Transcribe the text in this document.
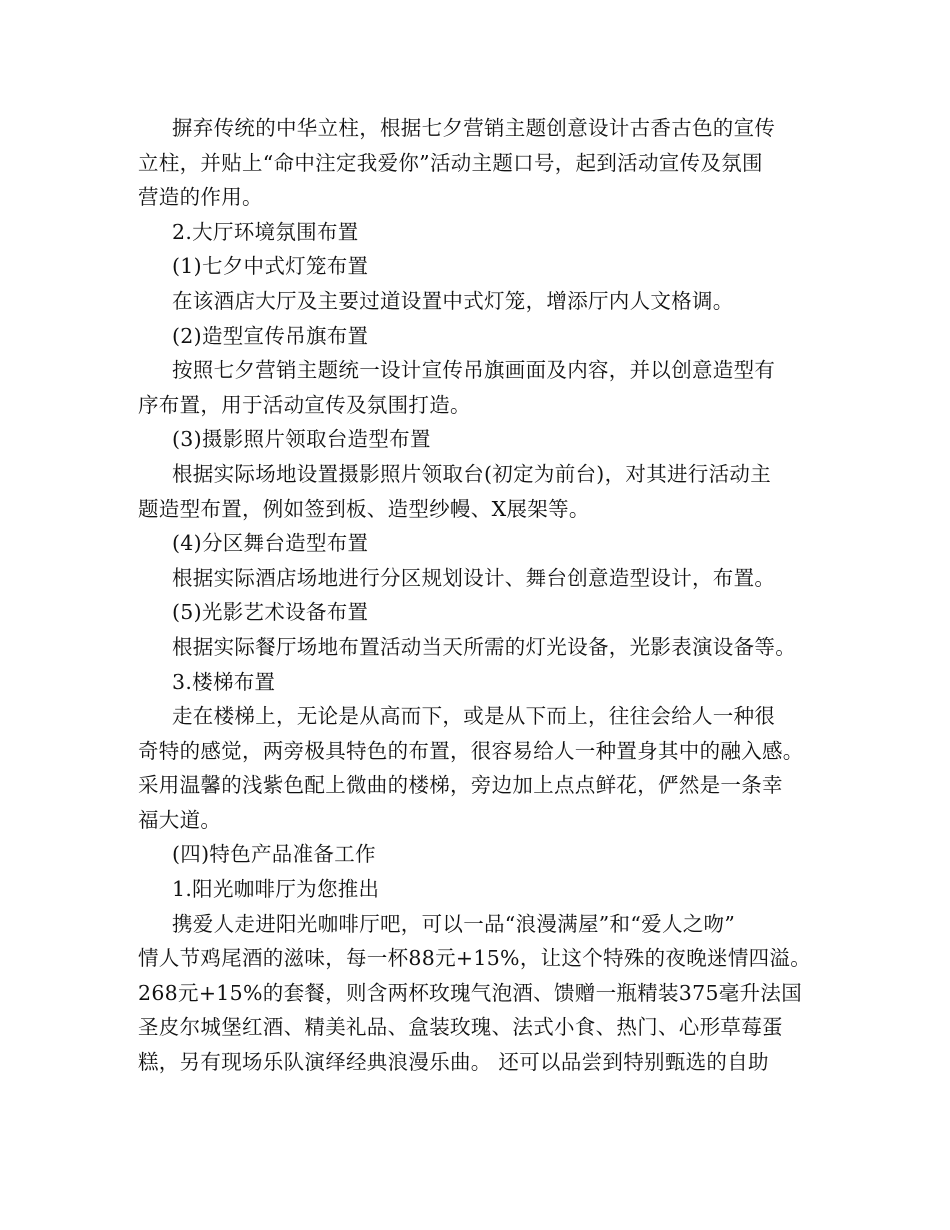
摒弃传统的中华立柱，根据七夕营销主题创意设计古香古色的宣传

立柱，并贴上“命中注定我爱你”活动主题口号，起到活动宣传及氛围

营造的作用。

2.大厅环境氛围布置

(1)七夕中式灯笼布置

在该酒店大厅及主要过道设置中式灯笼，增添厅内人文格调。

(2)造型宣传吊旗布置

按照七夕营销主题统一设计宣传吊旗画面及内容，并以创意造型有

序布置，用于活动宣传及氛围打造。

(3)摄影照片领取台造型布置

根据实际场地设置摄影照片领取台(初定为前台)，对其进行活动主

题造型布置，例如签到板、造型纱幔、X展架等。

(4)分区舞台造型布置

根据实际酒店场地进行分区规划设计、舞台创意造型设计，布置。

(5)光影艺术设备布置

根据实际餐厅场地布置活动当天所需的灯光设备，光影表演设备等。

3.楼梯布置

走在楼梯上，无论是从高而下，或是从下而上，往往会给人一种很

奇特的感觉，两旁极具特色的布置，很容易给人一种置身其中的融入感。

采用温馨的浅紫色配上微曲的楼梯，旁边加上点点鲜花，俨然是一条幸

福大道。

(四)特色产品准备工作

1.阳光咖啡厅为您推出

携爱人走进阳光咖啡厅吧，可以一品“浪漫满屋”和“爱人之吻”

情人节鸡尾酒的滋味，每一杯88元+15%，让这个特殊的夜晚迷情四溢。

268元+15%的套餐，则含两杯玫瑰气泡酒、馈赠一瓶精装375毫升法国

圣皮尔城堡红酒、精美礼品、盒装玫瑰、法式小食、热门、心形草莓蛋

糕，另有现场乐队演绎经典浪漫乐曲。 还可以品尝到特别甄选的自助
